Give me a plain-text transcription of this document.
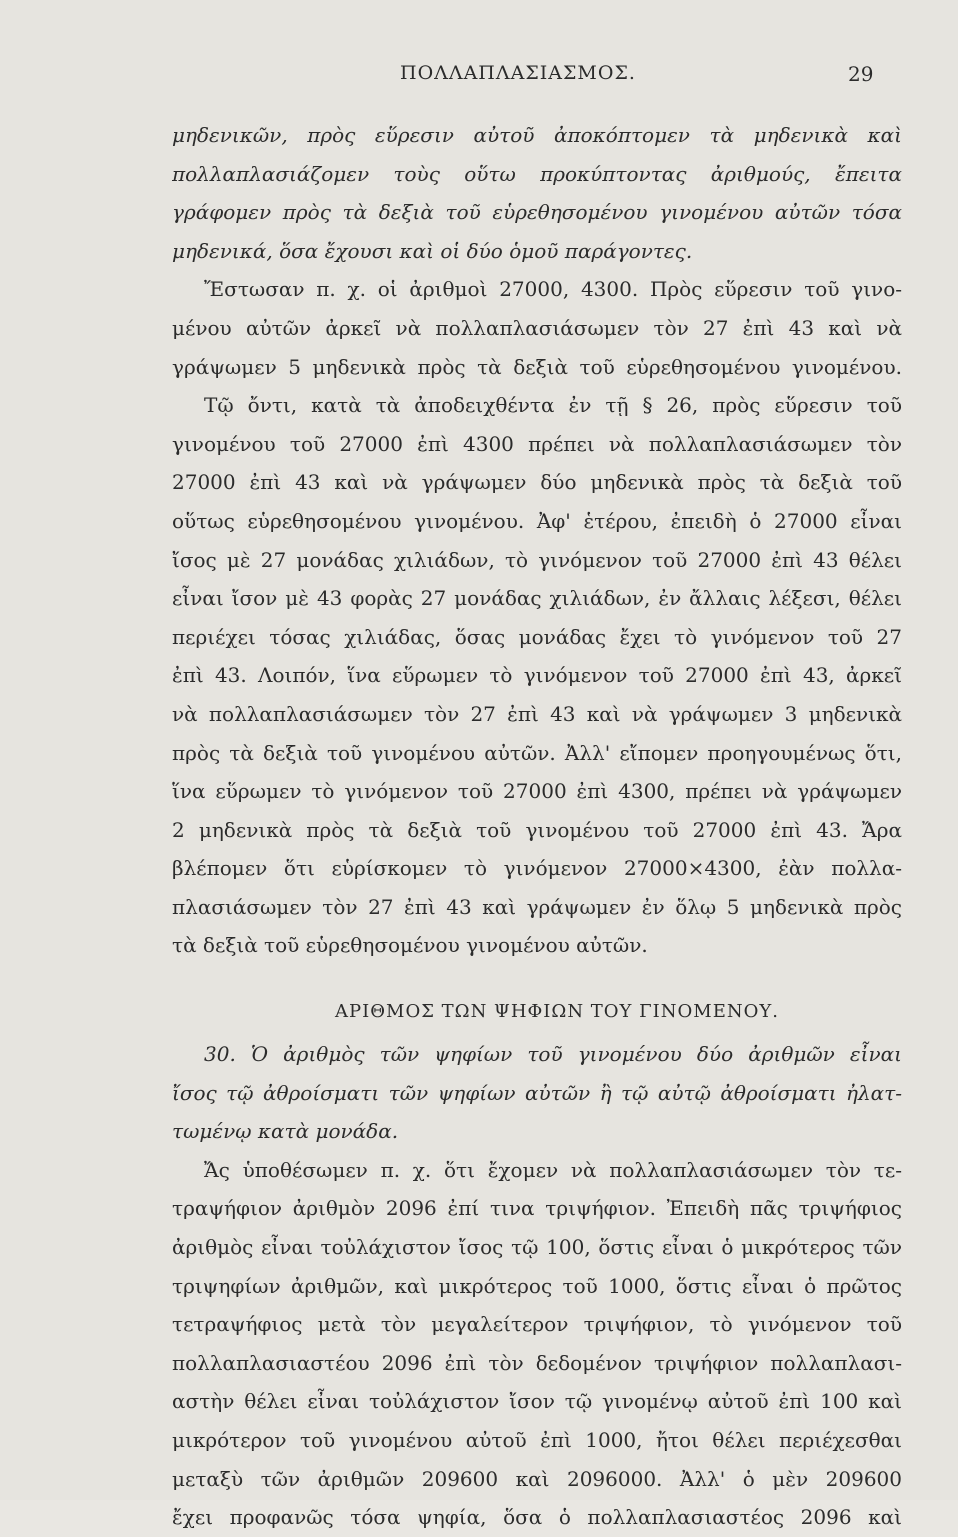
ΠΟΛΛΑΠΛΑΣΙΑΣΜΟΣ.	29
μηδενικῶν, πρὸς εὕρεσιν αὐτοῦ ἀποκόπτομεν τὰ μηδενικὰ καὶ
πολλαπλασιάζομεν τοὺς οὕτω προκύπτοντας ἀριθμούς, ἔπειτα
γράφομεν πρὸς τὰ δεξιὰ τοῦ εὑρεθησομένου γινομένου αὐτῶν τόσα
μηδενικά, ὅσα ἔχουσι καὶ οἱ δύο ὁμοῦ παράγοντες.
Ἔστωσαν π. χ. οἱ ἀριθμοὶ 27000, 4300. Πρὸς εὕρεσιν τοῦ γινο-
μένου αὐτῶν ἀρκεῖ νὰ πολλαπλασιάσωμεν τὸν 27 ἐπὶ 43 καὶ νὰ
γράψωμεν 5 μηδενικὰ πρὸς τὰ δεξιὰ τοῦ εὑρεθησομένου γινομένου.
Τῷ ὄντι, κατὰ τὰ ἀποδειχθέντα ἐν τῇ § 26, πρὸς εὕρεσιν τοῦ
γινομένου τοῦ 27000 ἐπὶ 4300 πρέπει νὰ πολλαπλασιάσωμεν τὸν
27000 ἐπὶ 43 καὶ νὰ γράψωμεν δύο μηδενικὰ πρὸς τὰ δεξιὰ τοῦ
οὕτως εὑρεθησομένου γινομένου. Ἀφ' ἑτέρου, ἐπειδὴ ὁ 27000 εἶναι
ἴσος μὲ 27 μονάδας χιλιάδων, τὸ γινόμενον τοῦ 27000 ἐπὶ 43 θέλει
εἶναι ἴσον μὲ 43 φορὰς 27 μονάδας χιλιάδων, ἐν ἄλλαις λέξεσι, θέλει
περιέχει τόσας χιλιάδας, ὅσας μονάδας ἔχει τὸ γινόμενον τοῦ 27
ἐπὶ 43. Λοιπόν, ἵνα εὕρωμεν τὸ γινόμενον τοῦ 27000 ἐπὶ 43, ἀρκεῖ
νὰ πολλαπλασιάσωμεν τὸν 27 ἐπὶ 43 καὶ νὰ γράψωμεν 3 μηδενικὰ
πρὸς τὰ δεξιὰ τοῦ γινομένου αὐτῶν. Ἀλλ' εἴπομεν προηγουμένως ὅτι,
ἵνα εὕρωμεν τὸ γινόμενον τοῦ 27000 ἐπὶ 4300, πρέπει νὰ γράψωμεν
2 μηδενικὰ πρὸς τὰ δεξιὰ τοῦ γινομένου τοῦ 27000 ἐπὶ 43. Ἄρα
βλέπομεν ὅτι εὑρίσκομεν τὸ γινόμενον 27000×4300, ἐὰν πολλα-
πλασιάσωμεν τὸν 27 ἐπὶ 43 καὶ γράψωμεν ἐν ὅλῳ 5 μηδενικὰ πρὸς
τὰ δεξιὰ τοῦ εὑρεθησομένου γινομένου αὐτῶν.
ΑΡΙΘΜΟΣ ΤΩΝ ΨΗΦΙΩΝ ΤΟΥ ΓΙΝΟΜΕΝΟΥ.
30. Ὁ ἀριθμὸς τῶν ψηφίων τοῦ γινομένου δύο ἀριθμῶν εἶναι
ἴσος τῷ ἀθροίσματι τῶν ψηφίων αὐτῶν ἢ τῷ αὐτῷ ἀθροίσματι ἠλατ-
τωμένῳ κατὰ μονάδα.
Ἄς ὑποθέσωμεν π. χ. ὅτι ἔχομεν νὰ πολλαπλασιάσωμεν τὸν τε-
τραψήφιον ἀριθμὸν 2096 ἐπί τινα τριψήφιον. Ἐπειδὴ πᾶς τριψήφιος
ἀριθμὸς εἶναι τοὐλάχιστον ἴσος τῷ 100, ὅστις εἶναι ὁ μικρότερος τῶν
τριψηφίων ἀριθμῶν, καὶ μικρότερος τοῦ 1000, ὅστις εἶναι ὁ πρῶτος
τετραψήφιος μετὰ τὸν μεγαλείτερον τριψήφιον, τὸ γινόμενον τοῦ
πολλαπλασιαστέου 2096 ἐπὶ τὸν δεδομένον τριψήφιον πολλαπλασι-
αστὴν θέλει εἶναι τοὐλάχιστον ἴσον τῷ γινομένῳ αὐτοῦ ἐπὶ 100 καὶ
μικρότερον τοῦ γινομένου αὐτοῦ ἐπὶ 1000, ἤτοι θέλει περιέχεσθαι
μεταξὺ τῶν ἀριθμῶν 209600 καὶ 2096000. Ἀλλ' ὁ μὲν 209600
ἔχει προφανῶς τόσα ψηφία, ὅσα ὁ πολλαπλασιαστέος 2096 καὶ
